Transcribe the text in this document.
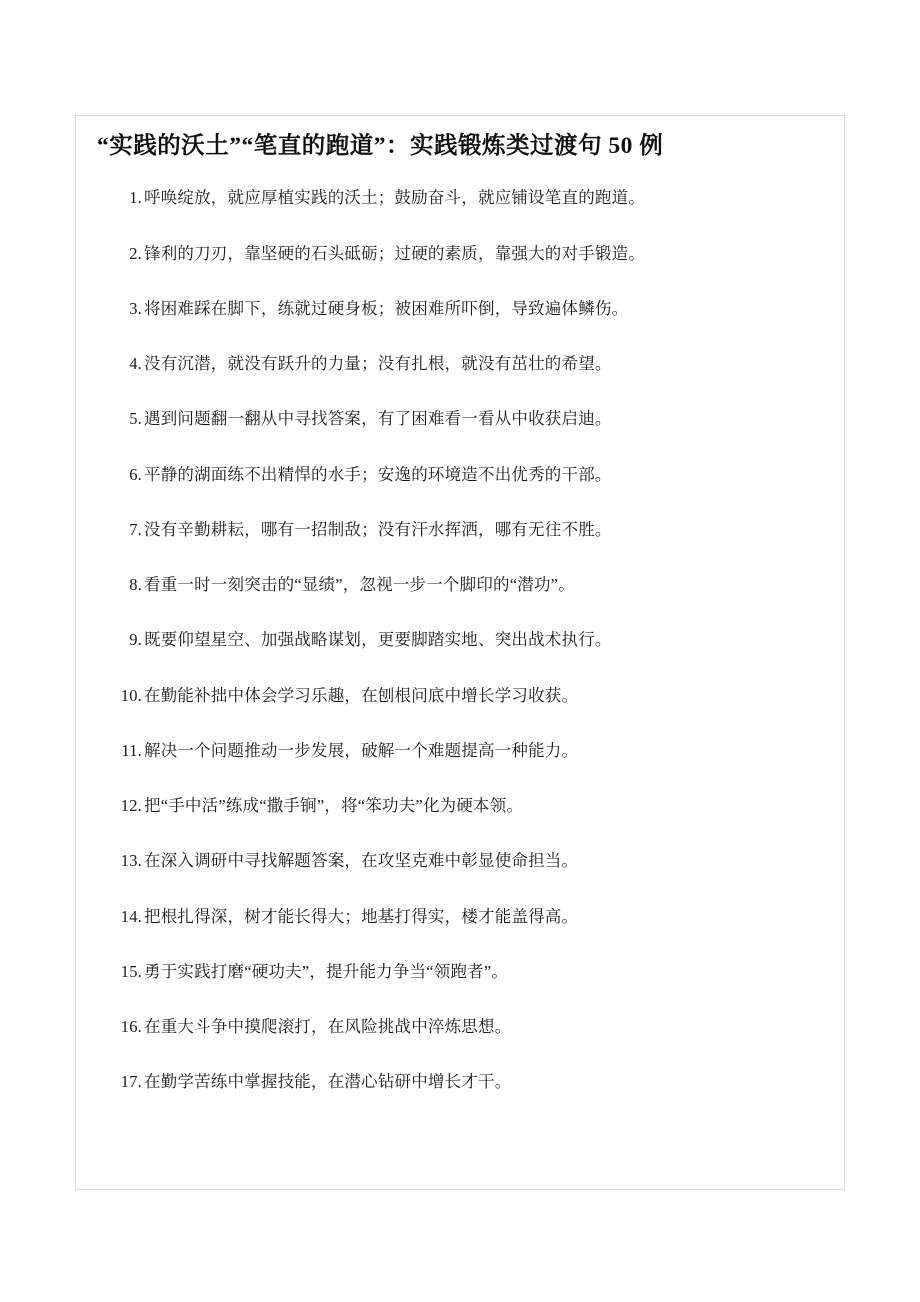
“实践的沃土”“笔直的跑道”：实践锻炼类过渡句 50 例
1. 呼唤绽放，就应厚植实践的沃土；鼓励奋斗，就应铺设笔直的跑道。
2. 锋利的刀刃，靠坚硬的石头砥砺；过硬的素质，靠强大的对手锻造。
3. 将困难踩在脚下，练就过硬身板；被困难所吓倒，导致遍体鳞伤。
4. 没有沉潜，就没有跃升的力量；没有扎根，就没有茁壮的希望。
5. 遇到问题翻一翻从中寻找答案，有了困难看一看从中收获启迪。
6. 平静的湖面练不出精悍的水手；安逸的环境造不出优秀的干部。
7. 没有辛勤耕耘，哪有一招制敌；没有汗水挥洒，哪有无往不胜。
8. 看重一时一刻突击的“显绩”，忽视一步一个脚印的“潜功”。
9. 既要仰望星空、加强战略谋划，更要脚踏实地、突出战术执行。
10. 在勤能补拙中体会学习乐趣，在刨根问底中增长学习收获。
11. 解决一个问题推动一步发展，破解一个难题提高一种能力。
12. 把“手中活”练成“撒手锏”，将“笨功夫”化为硬本领。
13. 在深入调研中寻找解题答案，在攻坚克难中彰显使命担当。
14. 把根扎得深，树才能长得大；地基打得实，楼才能盖得高。
15. 勇于实践打磨“硬功夫”，提升能力争当“领跑者”。
16. 在重大斗争中摸爬滚打，在风险挑战中淬炼思想。
17. 在勤学苦练中掌握技能，在潜心钻研中增长才干。
